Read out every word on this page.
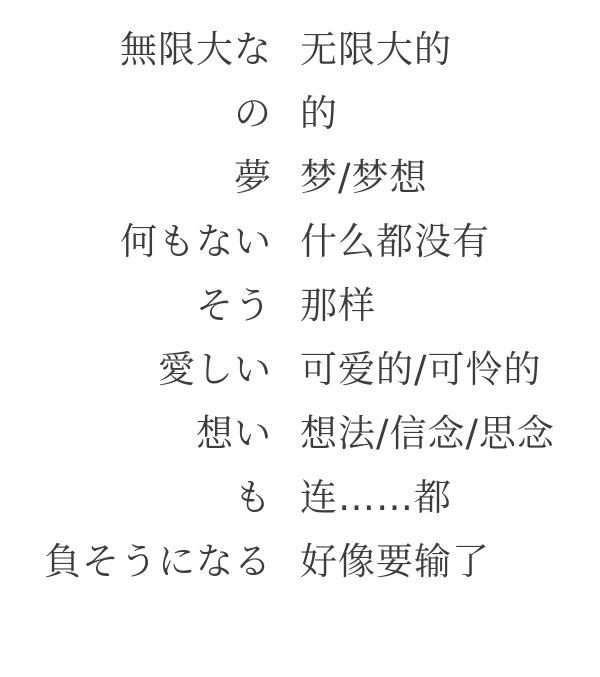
無限大な 无限大的
の 的
夢 梦/梦想
何もない 什么都没有
そう 那样
愛しい 可爱的/可怜的
想い 想法/信念/思念
も 连……都
負そうになる 好像要输了
